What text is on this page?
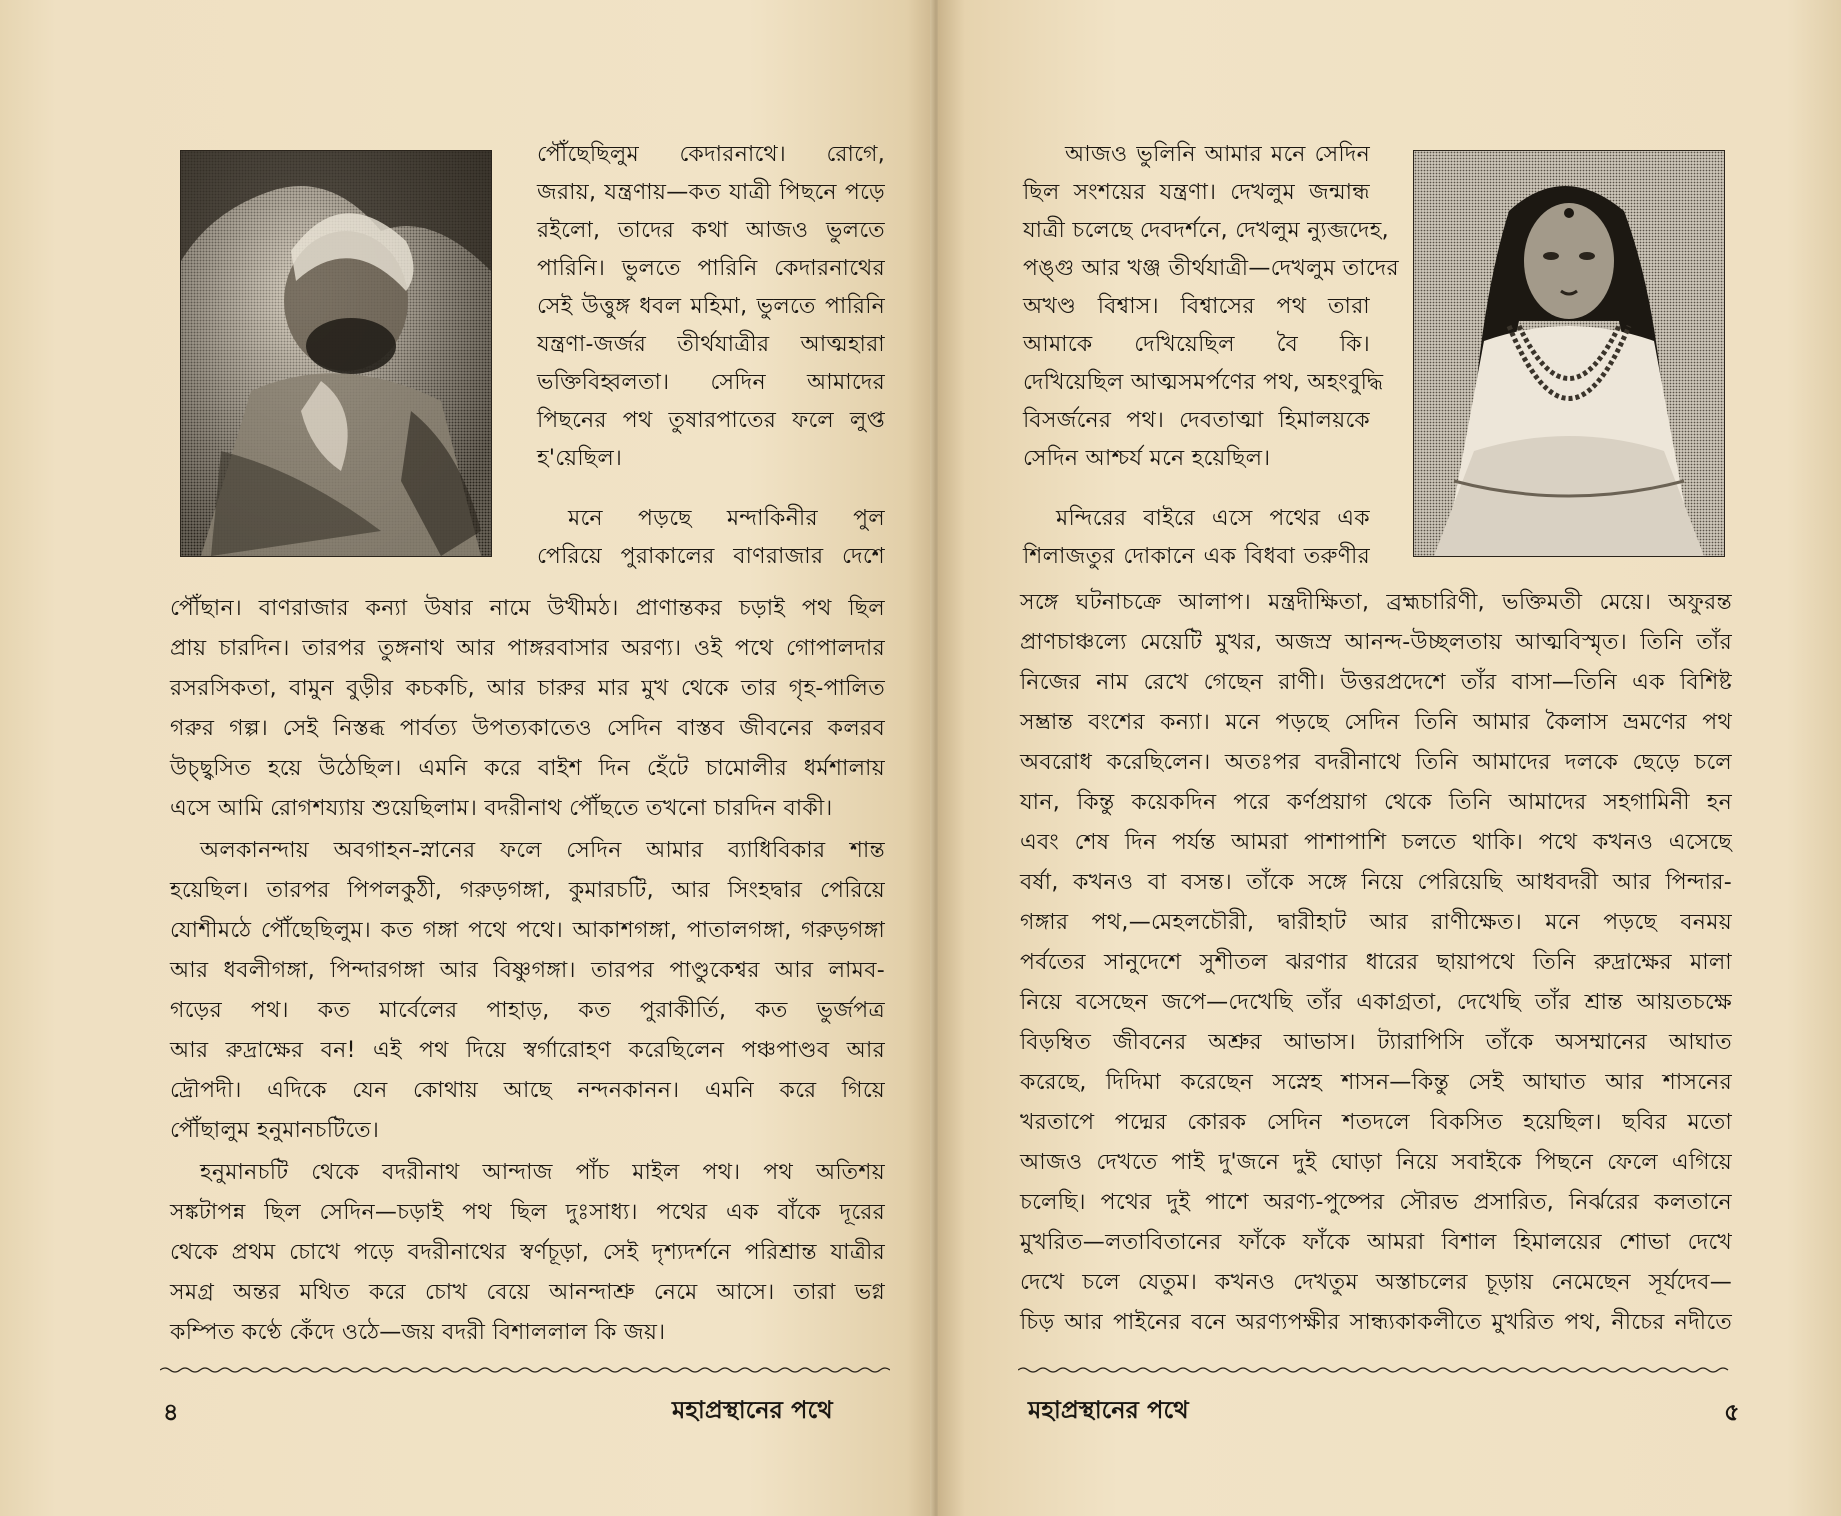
পৌঁছেছিলুম কেদারনাথে। রোগে,

জরায়, যন্ত্রণায়—কত যাত্রী পিছনে পড়ে

রইলো, তাদের কথা আজও ভুলতে

পারিনি। ভুলতে পারিনি কেদারনাথের

সেই উত্তুঙ্গ ধবল মহিমা, ভুলতে পারিনি

যন্ত্রণা-জর্জর তীর্থযাত্রীর আত্মহারা

ভক্তিবিহ্বলতা। সেদিন আমাদের

পিছনের পথ তুষারপাতের ফলে লুপ্ত

হ'য়েছিল।

মনে পড়ছে মন্দাকিনীর পুল

পেরিয়ে পুরাকালের বাণরাজার দেশে

পৌঁছান। বাণরাজার কন্যা উষার নামে উখীমঠ। প্রাণান্তকর চড়াই পথ ছিল

প্রায় চারদিন। তারপর তুঙ্গনাথ আর পাঙ্গরবাসার অরণ্য। ওই পথে গোপালদার

রসরসিকতা, বামুন বুড়ীর কচকচি, আর চারুর মার মুখ থেকে তার গৃহ-পালিত

গরুর গল্প। সেই নিস্তব্ধ পার্বত্য উপত্যকাতেও সেদিন বাস্তব জীবনের কলরব

উচ্ছ্বসিত হয়ে উঠেছিল। এমনি করে বাইশ দিন হেঁটে চামোলীর ধর্মশালায়

এসে আমি রোগশয্যায় শুয়েছিলাম। বদরীনাথ পৌঁছতে তখনো চারদিন বাকী।

অলকানন্দায় অবগাহন-স্নানের ফলে সেদিন আমার ব্যাধিবিকার শান্ত

হয়েছিল। তারপর পিপলকুঠী, গরুড়গঙ্গা, কুমারচটি, আর সিংহদ্বার পেরিয়ে

যোশীমঠে পৌঁছেছিলুম। কত গঙ্গা পথে পথে। আকাশগঙ্গা, পাতালগঙ্গা, গরুড়গঙ্গা

আর ধবলীগঙ্গা, পিন্দারগঙ্গা আর বিষ্ণুগঙ্গা। তারপর পাণ্ডুকেশ্বর আর লামব-

গড়ের পথ। কত মার্বেলের পাহাড়, কত পুরাকীর্তি, কত ভুর্জপত্র

আর রুদ্রাক্ষের বন! এই পথ দিয়ে স্বর্গারোহণ করেছিলেন পঞ্চপাণ্ডব আর

দ্রৌপদী। এদিকে যেন কোথায় আছে নন্দনকানন। এমনি করে গিয়ে

পৌঁছালুম হনুমানচটিতে।

হনুমানচটি থেকে বদরীনাথ আন্দাজ পাঁচ মাইল পথ। পথ অতিশয়

সঙ্কটাপন্ন ছিল সেদিন—চড়াই পথ ছিল দুঃসাধ্য। পথের এক বাঁকে দূরের

থেকে প্রথম চোখে পড়ে বদরীনাথের স্বর্ণচূড়া, সেই দৃশ্যদর্শনে পরিশ্রান্ত যাত্রীর

সমগ্র অন্তর মথিত করে চোখ বেয়ে আনন্দাশ্রু নেমে আসে। তারা ভগ্ন

কম্পিত কণ্ঠে কেঁদে ওঠে—জয় বদরী বিশাললাল কি জয়।

৪	মহাপ্রস্থানের পথে

আজও ভুলিনি আমার মনে সেদিন

ছিল সংশয়ের যন্ত্রণা। দেখলুম জন্মান্ধ

যাত্রী চলেছে দেবদর্শনে, দেখলুম ন্যুব্জদেহ,

পঙ্গু আর খঞ্জ তীর্থযাত্রী—দেখলুম তাদের

অখণ্ড বিশ্বাস। বিশ্বাসের পথ তারা

আমাকে দেখিয়েছিল বৈ কি।

দেখিয়েছিল আত্মসমর্পণের পথ, অহংবুদ্ধি

বিসর্জনের পথ। দেবতাত্মা হিমালয়কে

সেদিন আশ্চর্য মনে হয়েছিল।

মন্দিরের বাইরে এসে পথের এক

শিলাজতুর দোকানে এক বিধবা তরুণীর

সঙ্গে ঘটনাচক্রে আলাপ। মন্ত্রদীক্ষিতা, ব্রহ্মচারিণী, ভক্তিমতী মেয়ে। অফুরন্ত

প্রাণচাঞ্চল্যে মেয়েটি মুখর, অজস্র আনন্দ-উচ্ছলতায় আত্মবিস্মৃত। তিনি তাঁর

নিজের নাম রেখে গেছেন রাণী। উত্তরপ্রদেশে তাঁর বাসা—তিনি এক বিশিষ্ট

সম্ভ্রান্ত বংশের কন্যা। মনে পড়ছে সেদিন তিনি আমার কৈলাস ভ্রমণের পথ

অবরোধ করেছিলেন। অতঃপর বদরীনাথে তিনি আমাদের দলকে ছেড়ে চলে

যান, কিন্তু কয়েকদিন পরে কর্ণপ্রয়াগ থেকে তিনি আমাদের সহগামিনী হন

এবং শেষ দিন পর্যন্ত আমরা পাশাপাশি চলতে থাকি। পথে কখনও এসেছে

বর্ষা, কখনও বা বসন্ত। তাঁকে সঙ্গে নিয়ে পেরিয়েছি আধবদরী আর পিন্দার-

গঙ্গার পথ,—মেহলচৌরী, দ্বারীহাট আর রাণীক্ষেত। মনে পড়ছে বনময়

পর্বতের সানুদেশে সুশীতল ঝরণার ধারের ছায়াপথে তিনি রুদ্রাক্ষের মালা

নিয়ে বসেছেন জপে—দেখেছি তাঁর একাগ্রতা, দেখেছি তাঁর শ্রান্ত আয়তচক্ষে

বিড়ম্বিত জীবনের অশ্রুর আভাস। ট্যারাপিসি তাঁকে অসম্মানের আঘাত

করেছে, দিদিমা করেছেন সস্নেহ শাসন—কিন্তু সেই আঘাত আর শাসনের

খরতাপে পদ্মের কোরক সেদিন শতদলে বিকসিত হয়েছিল। ছবির মতো

আজও দেখতে পাই দু'জনে দুই ঘোড়া নিয়ে সবাইকে পিছনে ফেলে এগিয়ে

চলেছি। পথের দুই পাশে অরণ্য-পুষ্পের সৌরভ প্রসারিত, নির্ঝরের কলতানে

মুখরিত—লতাবিতানের ফাঁকে ফাঁকে আমরা বিশাল হিমালয়ের শোভা দেখে

দেখে চলে যেতুম। কখনও দেখতুম অস্তাচলের চূড়ায় নেমেছেন সূর্যদেব—

চিড় আর পাইনের বনে অরণ্যপক্ষীর সান্ধ্যকাকলীতে মুখরিত পথ, নীচের নদীতে

মহাপ্রস্থানের পথে	৫
